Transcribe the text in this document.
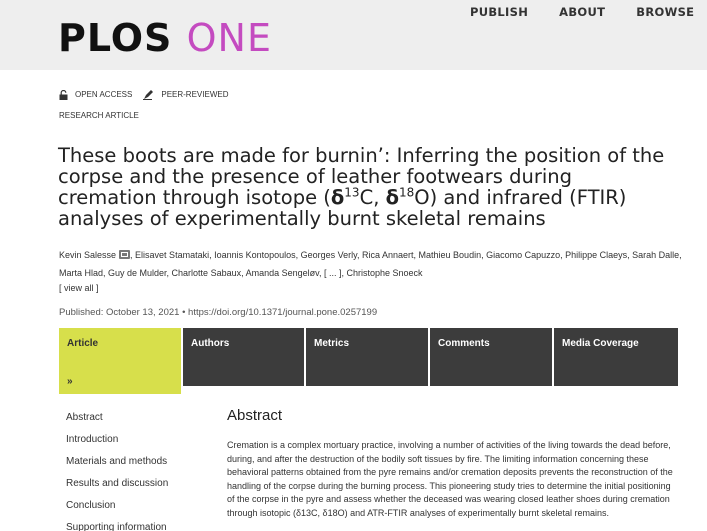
PLOS ONE
PUBLISH	ABOUT	BROWSE
OPEN ACCESS	PEER-REVIEWED
RESEARCH ARTICLE
These boots are made for burnin’: Inferring the position of the corpse and the presence of leather footwears during cremation through isotope ($\delta^{13}C$, $\delta^{18}O$) and infrared (FTIR) analyses of experimentally burnt skeletal remains
Kevin Salesse , Elisavet Stamataki, Ioannis Kontopoulos, Georges Verly, Rica Annaert, Mathieu Boudin, Giacomo Capuzzo, Philippe Claeys, Sarah Dalle, Marta Hlad, Guy de Mulder, Charlotte Sabaux, Amanda Sengeløv, [ ... ], Christophe Snoeck
[ view all ]
Published: October 13, 2021 • https://doi.org/10.1371/journal.pone.0257199
Article
»
Authors	Metrics	Comments	Media Coverage
Abstract
Introduction
Materials and methods
Results and discussion
Conclusion
Supporting information
Abstract

Cremation is a complex mortuary practice, involving a number of activities of the living towards the dead before, during, and after the destruction of the bodily soft tissues by fire. The limiting information concerning these behavioral patterns obtained from the pyre remains and/or cremation deposits prevents the reconstruction of the handling of the corpse during the burning process. This pioneering study tries to determine the initial positioning of the corpse in the pyre and assess whether the deceased was wearing closed leather shoes during cremation through isotopic (δ13C, δ18O) and ATR-FTIR analyses of experimentally burnt skeletal remains.
